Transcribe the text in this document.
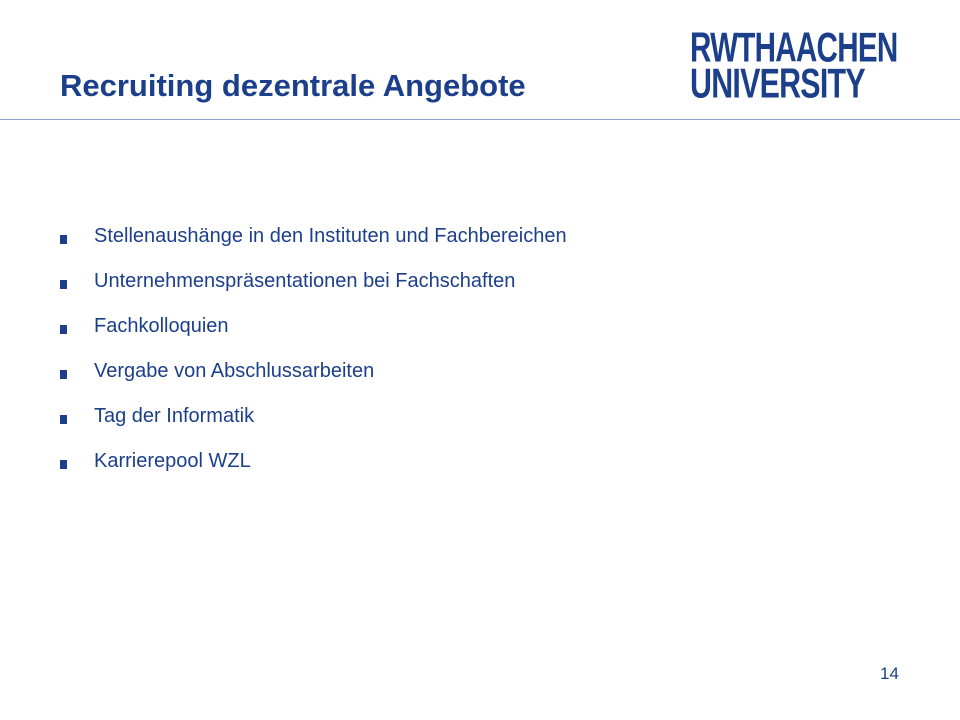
Recruiting dezentrale Angebote
RWTHAACHEN
UNIVERSITY
Stellenaushänge in den Instituten und Fachbereichen
Unternehmenspräsentationen bei Fachschaften
Fachkolloquien
Vergabe von Abschlussarbeiten
Tag der Informatik
Karrierepool WZL
14
